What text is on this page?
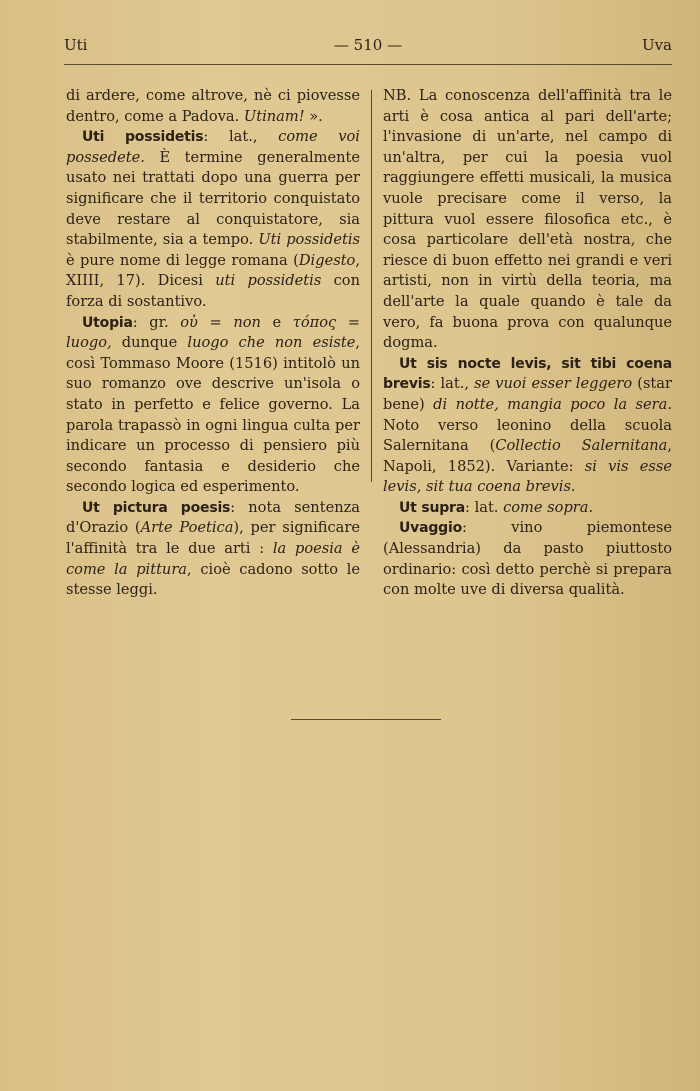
Uti	— 510 —	Uva

di ardere, come altrove, nè ci piovesse dentro, come a Padova. Utinam! ».

Uti possidetis: lat., come voi possedete. È termine generalmente usato nei trattati dopo una guerra per significare che il territorio conquistato deve restare al conquistatore, sia stabilmente, sia a tempo. Uti possidetis è pure nome di legge romana (Digesto, XIIII, 17). Dicesi uti possidetis con forza di sostantivo.

Utopia: gr. οὐ = non e τόπος = luogo, dunque luogo che non esiste, così Tommaso Moore (1516) intitolò un suo romanzo ove descrive un'isola o stato in perfetto e felice governo. La parola trapassò in ogni lingua culta per indicare un processo di pensiero più secondo fantasia e desiderio che secondo logica ed esperimento.

Ut pictura poesis: nota sentenza d'Orazio (Arte Poetica), per significare l'affinità tra le due arti : la poesia è come la pittura, cioè cadono sotto le stesse leggi.

NB. La conoscenza dell'affinità tra le arti è cosa antica al pari dell'arte; l'invasione di un'arte, nel campo di un'altra, per cui la poesia vuol raggiungere effetti musicali, la musica vuole precisare come il verso, la pittura vuol essere filosofica etc., è cosa particolare dell'età nostra, che riesce di buon effetto nei grandi e veri artisti, non in virtù della teoria, ma dell'arte la quale quando è tale da vero, fa buona prova con qualunque dogma.

Ut sis nocte levis, sit tibi coena brevis: lat., se vuoi esser leggero (star bene) di notte, mangia poco la sera. Noto verso leonino della scuola Salernitana (Collectio Salernitana, Napoli, 1852). Variante: si vis esse levis, sit tua coena brevis.

Ut supra: lat. come sopra.

Uvaggio: vino piemontese (Alessandria) da pasto piuttosto ordinario: così detto perchè si prepara con molte uve di diversa qualità.
